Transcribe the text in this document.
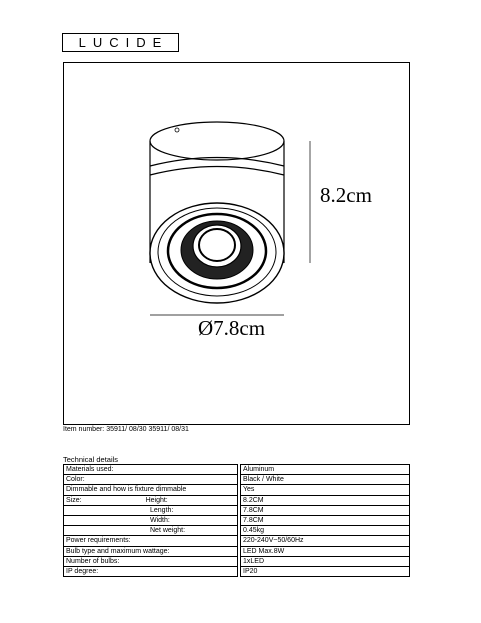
LUCIDE
8.2cm
Ø7.8cm
Item number: 35911/ 08/30 35911/ 08/31
Technical details
Materials used:		Aluminum
Color:		Black / White
Dimmable and how is fixture dimmable		Yes
Size: Height:		8.2CM
Length:		7.8CM
Width:		7.8CM
Net weight:		0.45kg
Power requirements:		220-240V~50/60Hz
Bulb type and maximum wattage:		LED Max.8W
Number of bulbs:		1xLED
IP degree:		IP20
